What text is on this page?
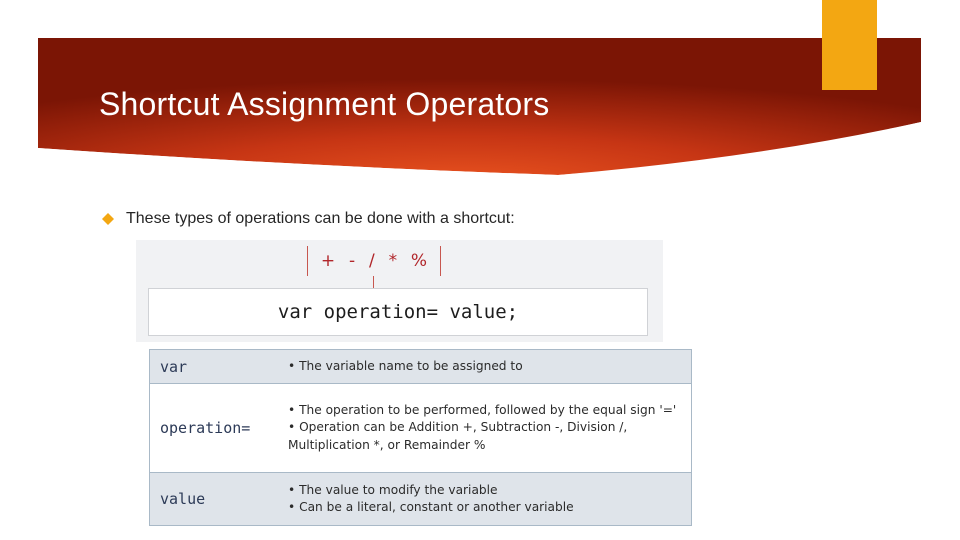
Shortcut Assignment Operators
These types of operations can be done with a shortcut:
+ - / * %
var operation= value;
var	• The variable name to be assigned to
operation=
• The operation to be performed, followed by the equal sign '='
• Operation can be Addition +, Subtraction -, Division /,
Multiplication *, or Remainder %
value
• The value to modify the variable
• Can be a literal, constant or another variable
